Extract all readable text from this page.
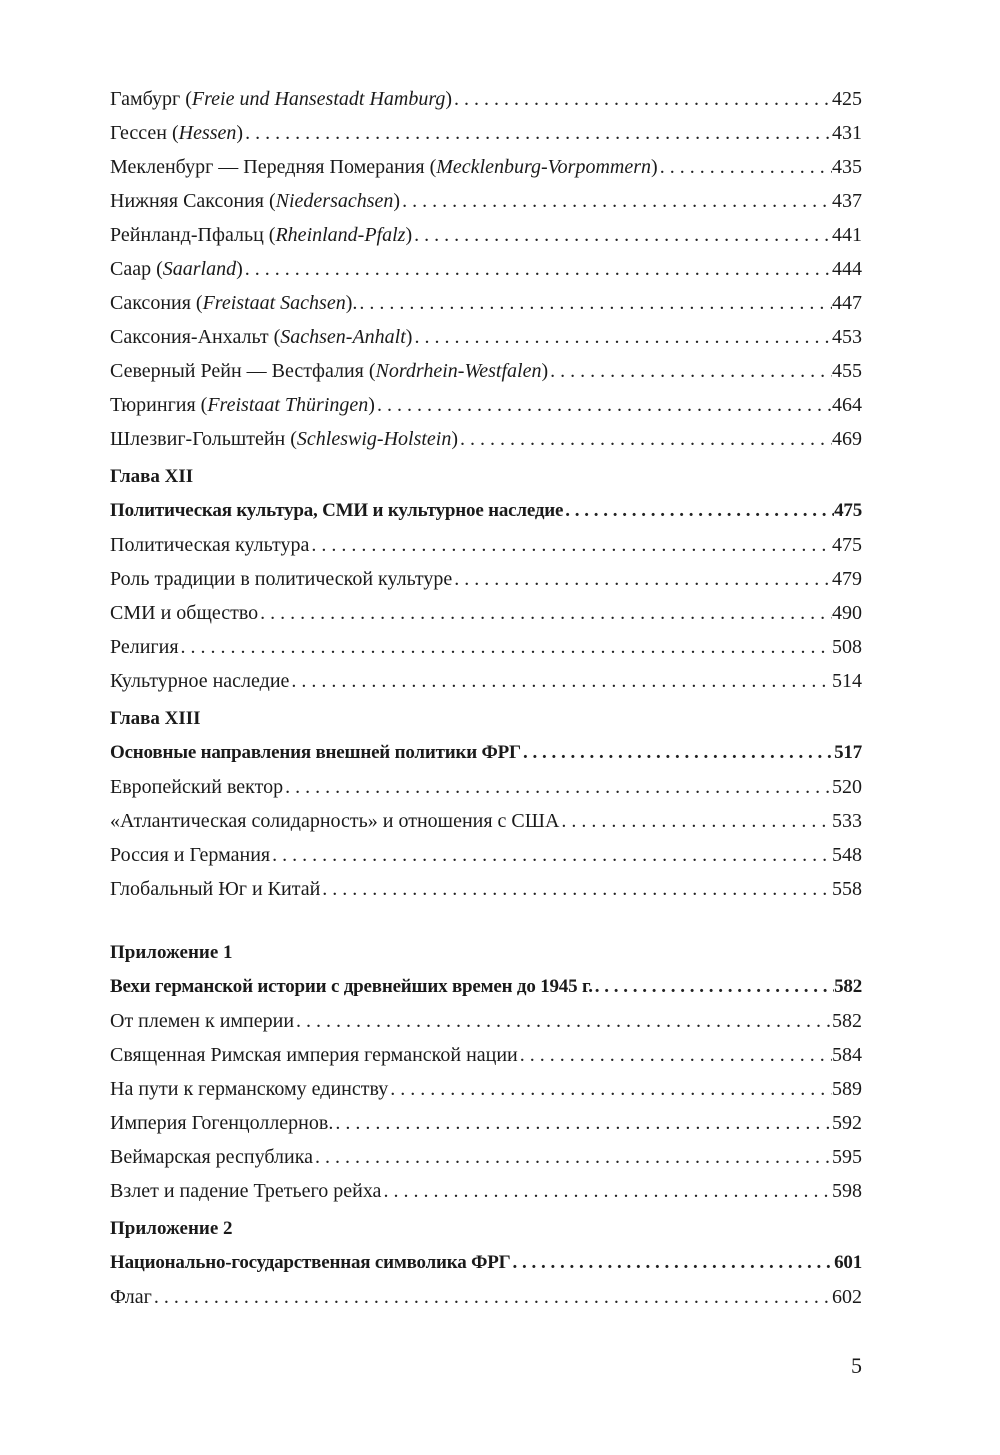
Гамбург (Freie und Hansestadt Hamburg) . . .	425
Гессен (Hessen) . . .	431
Мекленбург — Передняя Померания (Mecklenburg-Vorpommern) . . .	435
Нижняя Саксония (Niedersachsen) . . .	437
Рейнланд-Пфальц (Rheinland-Pfalz) . . .	441
Саар (Saarland) . . .	444
Саксония (Freistaat Sachsen). . . .	447
Саксония-Анхальт (Sachsen-Anhalt) . . .	453
Северный Рейн — Вестфалия (Nordrhein-Westfalen) . . .	455
Тюрингия (Freistaat Thüringen) . . .	464
Шлезвиг-Гольштейн (Schleswig-Holstein) . . .	469
Глава XII
Политическая культура, СМИ и культурное наследие . . .	475
Политическая культура . . .	475
Роль традиции в политической культуре . . .	479
СМИ и общество . . .	490
Религия . . .	508
Культурное наследие . . .	514
Глава XIII
Основные направления внешней политики ФРГ . . .	517
Европейский вектор . . .	520
«Атлантическая солидарность» и отношения с США . . .	533
Россия и Германия . . .	548
Глобальный Юг и Китай . . .	558
Приложение 1
Вехи германской истории с древнейших времен до 1945 г. . . .	582
От племен к империи . . .	582
Священная Римская империя германской нации . . .	584
На пути к германскому единству . . .	589
Империя Гогенцоллернов. . . .	592
Веймарская республика . . .	595
Взлет и падение Третьего рейха . . .	598
Приложение 2
Национально-государственная символика ФРГ . . .	601
Флаг . . .	602
5
